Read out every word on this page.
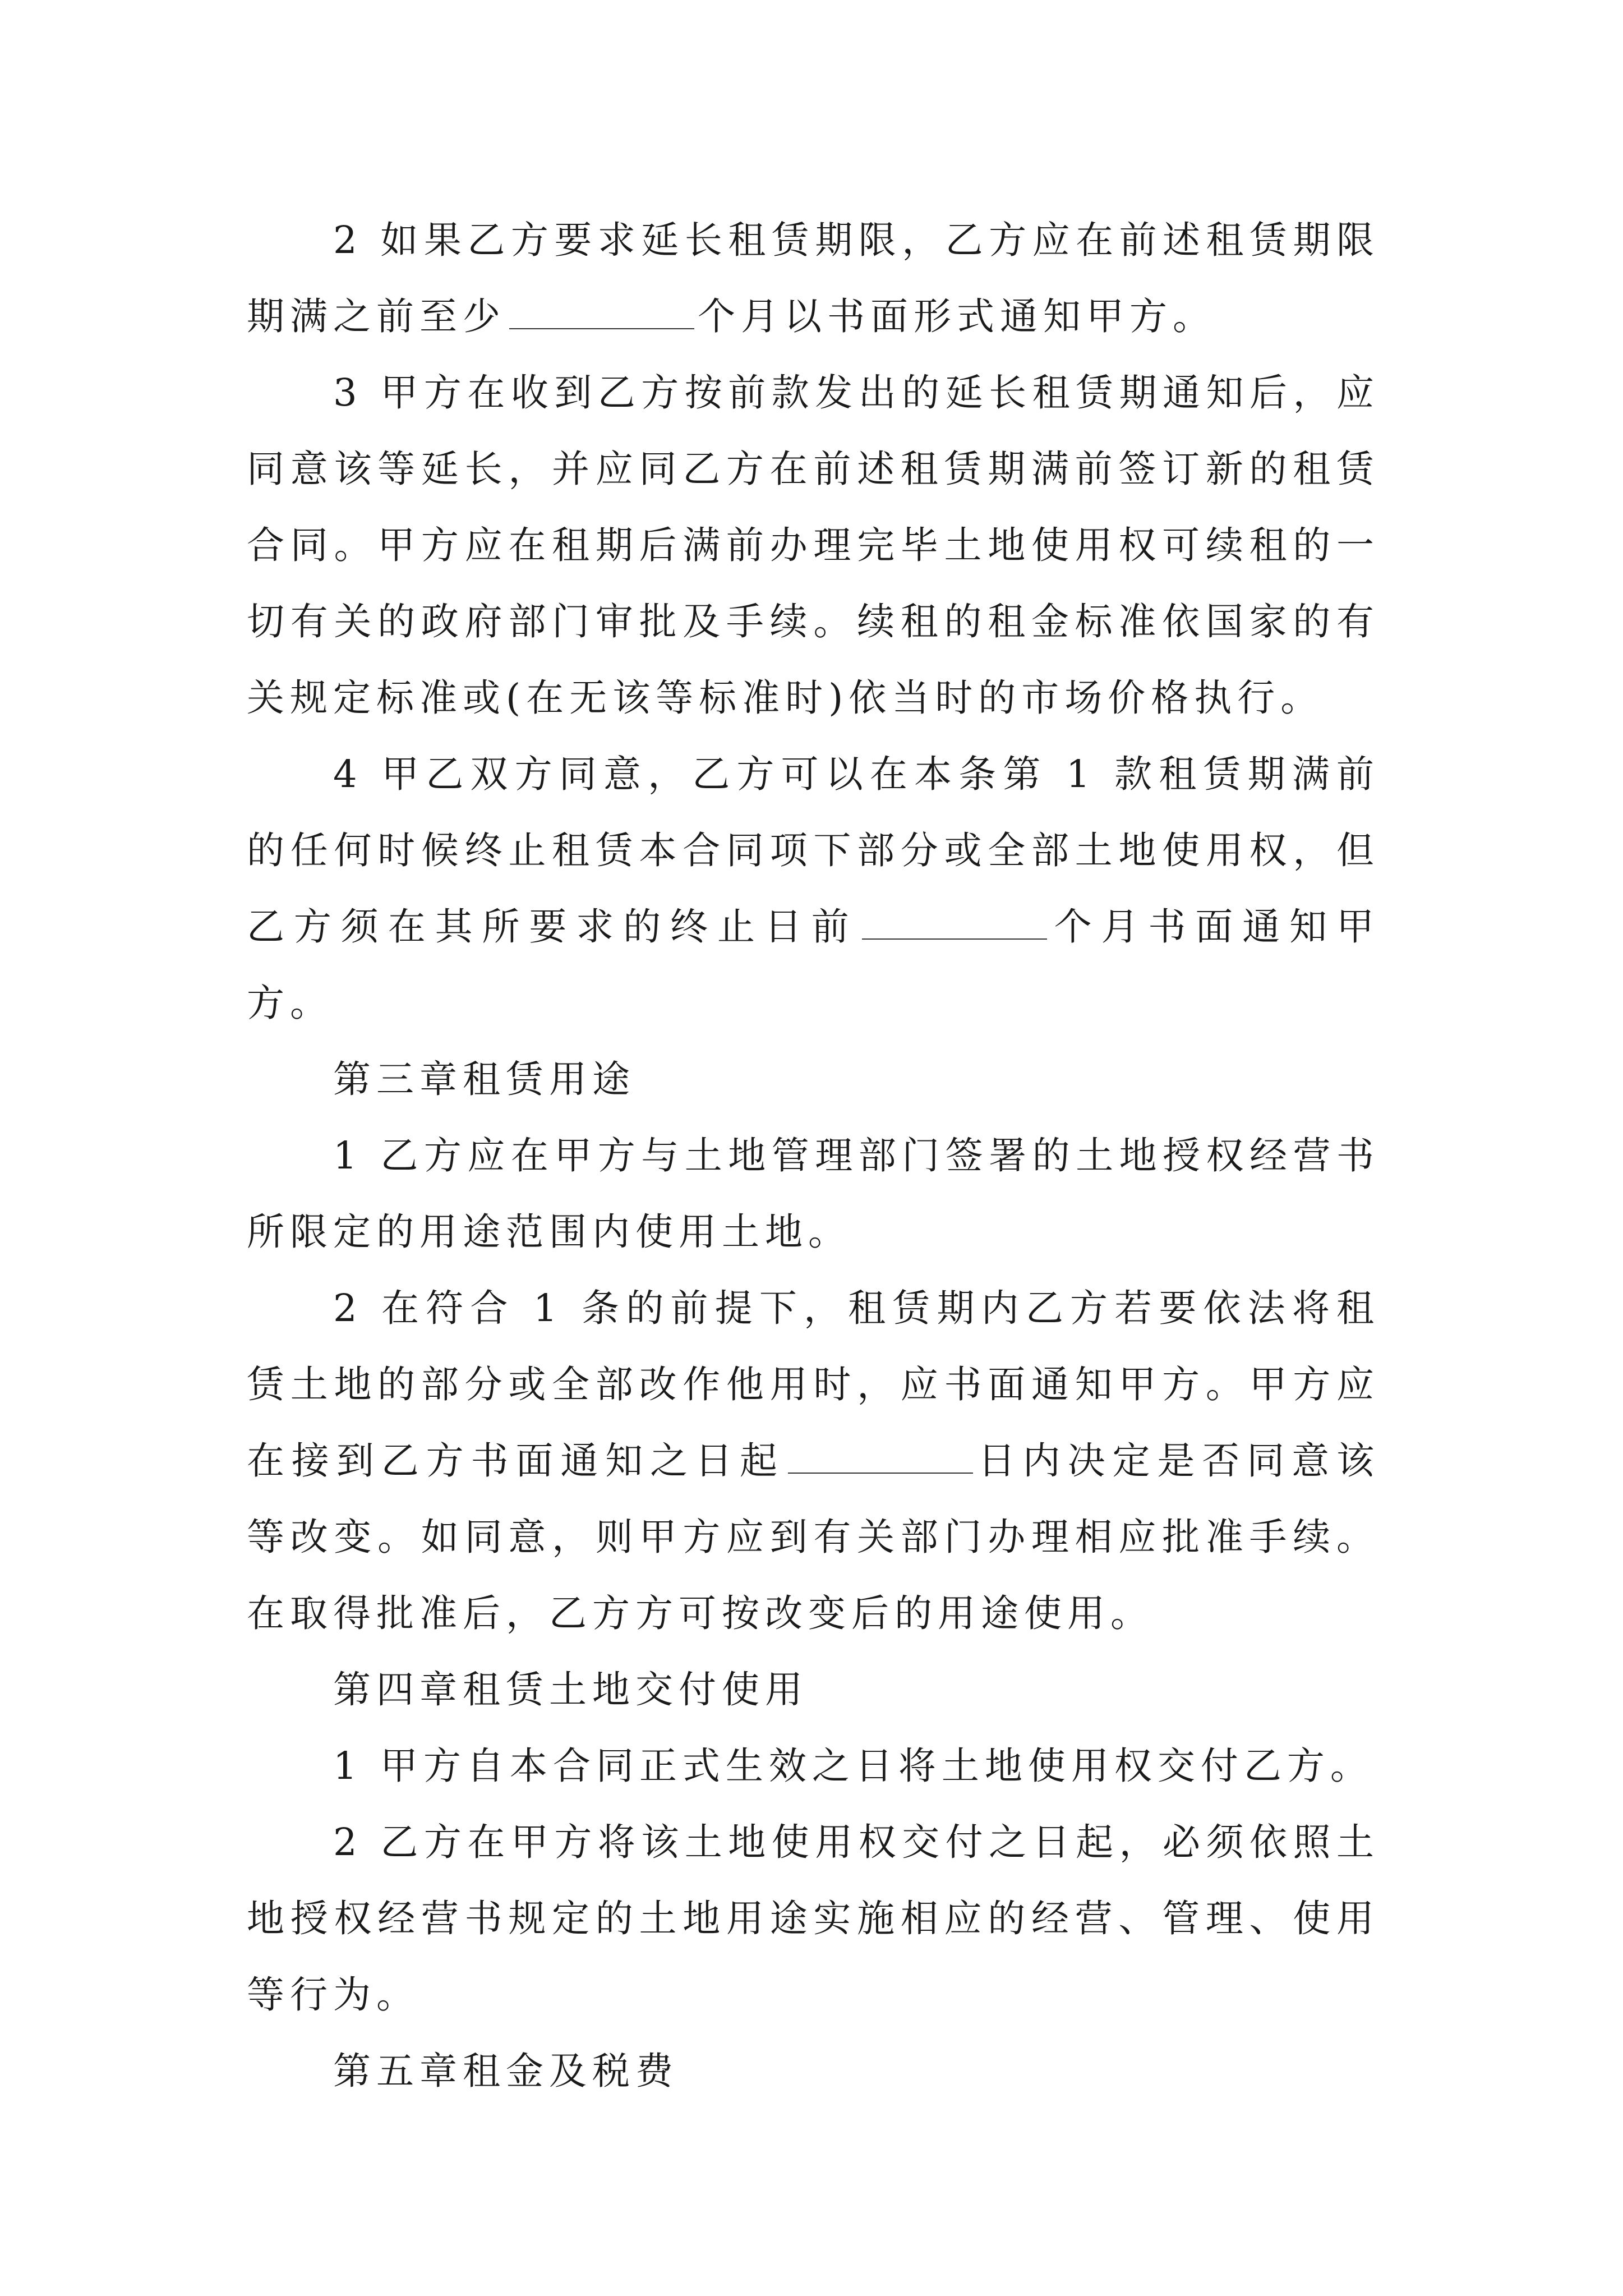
2 如果乙方要求延长租赁期限，乙方应在前述租赁期限期满之前至少	个月以书面形式通知甲方。

3 甲方在收到乙方按前款发出的延长租赁期通知后，应同意该等延长，并应同乙方在前述租赁期满前签订新的租赁合同。甲方应在租期后满前办理完毕土地使用权可续租的一切有关的政府部门审批及手续。续租的租金标准依国家的有关规定标准或(在无该等标准时)依当时的市场价格执行。

4 甲乙双方同意，乙方可以在本条第 1 款租赁期满前的任何时候终止租赁本合同项下部分或全部土地使用权，但乙方须在其所要求的终止日前	个月书面通知甲方。

第三章租赁用途

1 乙方应在甲方与土地管理部门签署的土地授权经营书所限定的用途范围内使用土地。

2 在符合 1 条的前提下，租赁期内乙方若要依法将租赁土地的部分或全部改作他用时，应书面通知甲方。甲方应在接到乙方书面通知之日起	日内决定是否同意该等改变。如同意，则甲方应到有关部门办理相应批准手续。在取得批准后，乙方方可按改变后的用途使用。

第四章租赁土地交付使用

1 甲方自本合同正式生效之日将土地使用权交付乙方。

2 乙方在甲方将该土地使用权交付之日起，必须依照土地授权经营书规定的土地用途实施相应的经营、管理、使用等行为。

第五章租金及税费
